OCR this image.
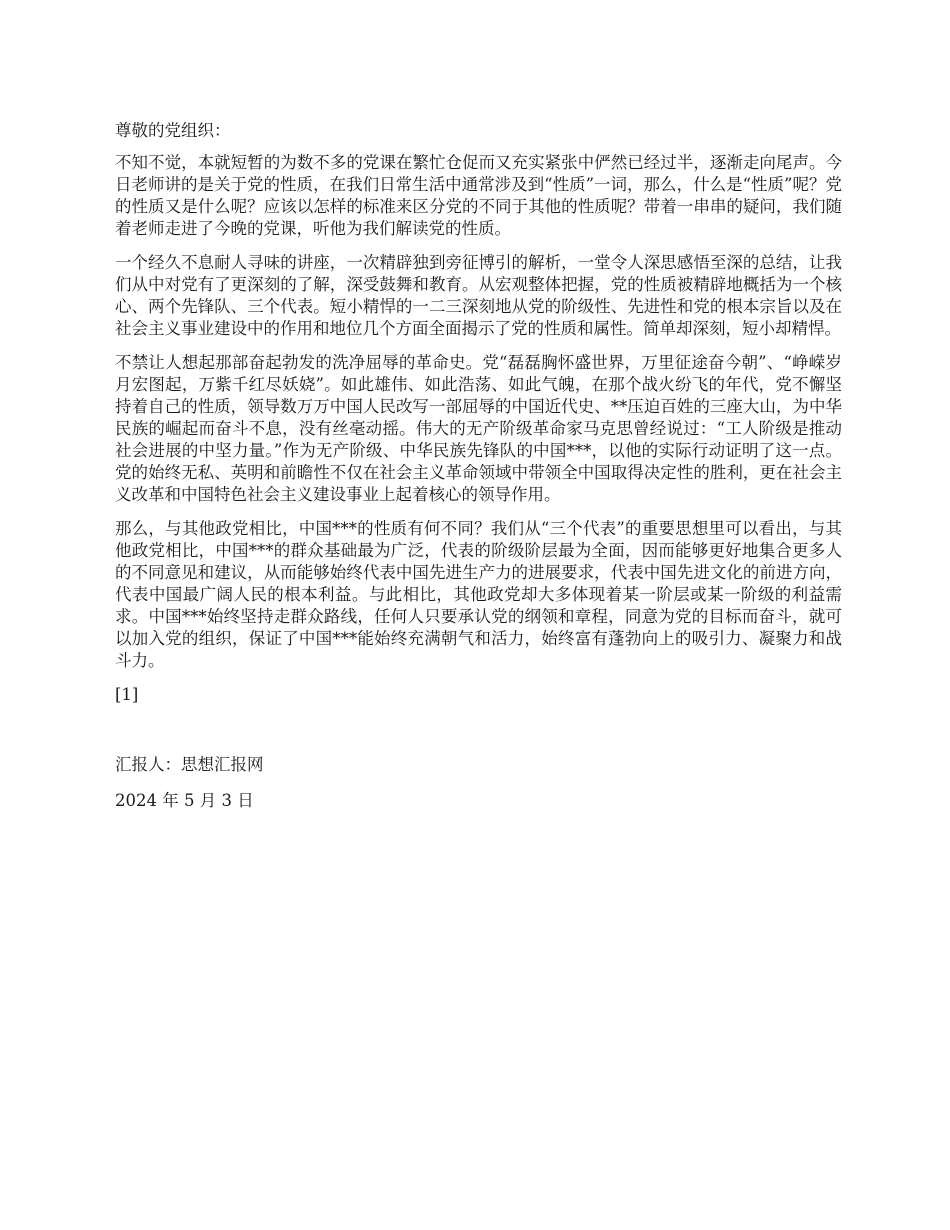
尊敬的党组织：

不知不觉，本就短暂的为数不多的党课在繁忙仓促而又充实紧张中俨然已经过半，逐渐走向尾声。今日老师讲的是关于党的性质，在我们日常生活中通常涉及到“性质”一词，那么，什么是“性质”呢？党的性质又是什么呢？应该以怎样的标准来区分党的不同于其他的性质呢？带着一串串的疑问，我们随着老师走进了今晚的党课，听他为我们解读党的性质。

一个经久不息耐人寻味的讲座，一次精辟独到旁征博引的解析，一堂令人深思感悟至深的总结，让我们从中对党有了更深刻的了解，深受鼓舞和教育。从宏观整体把握，党的性质被精辟地概括为一个核心、两个先锋队、三个代表。短小精悍的一二三深刻地从党的阶级性、先进性和党的根本宗旨以及在社会主义事业建设中的作用和地位几个方面全面揭示了党的性质和属性。简单却深刻，短小却精悍。

不禁让人想起那部奋起勃发的洗净屈辱的革命史。党“磊磊胸怀盛世界，万里征途奋今朝”、“峥嵘岁月宏图起，万紫千红尽妖娆”。如此雄伟、如此浩荡、如此气魄，在那个战火纷飞的年代，党不懈坚持着自己的性质，领导数万万中国人民改写一部屈辱的中国近代史、**压迫百姓的三座大山，为中华民族的崛起而奋斗不息，没有丝毫动摇。伟大的无产阶级革命家马克思曾经说过：“工人阶级是推动社会进展的中坚力量。”作为无产阶级、中华民族先锋队的中国***，以他的实际行动证明了这一点。党的始终无私、英明和前瞻性不仅在社会主义革命领域中带领全中国取得决定性的胜利，更在社会主义改革和中国特色社会主义建设事业上起着核心的领导作用。

那么，与其他政党相比，中国***的性质有何不同？我们从“三个代表”的重要思想里可以看出，与其他政党相比，中国***的群众基础最为广泛，代表的阶级阶层最为全面，因而能够更好地集合更多人的不同意见和建议，从而能够始终代表中国先进生产力的进展要求，代表中国先进文化的前进方向，代表中国最广阔人民的根本利益。与此相比，其他政党却大多体现着某一阶层或某一阶级的利益需求。中国***始终坚持走群众路线，任何人只要承认党的纲领和章程，同意为党的目标而奋斗，就可以加入党的组织，保证了中国***能始终充满朝气和活力，始终富有蓬勃向上的吸引力、凝聚力和战斗力。

[1]

汇报人：思想汇报网

2024 年 5 月 3 日
